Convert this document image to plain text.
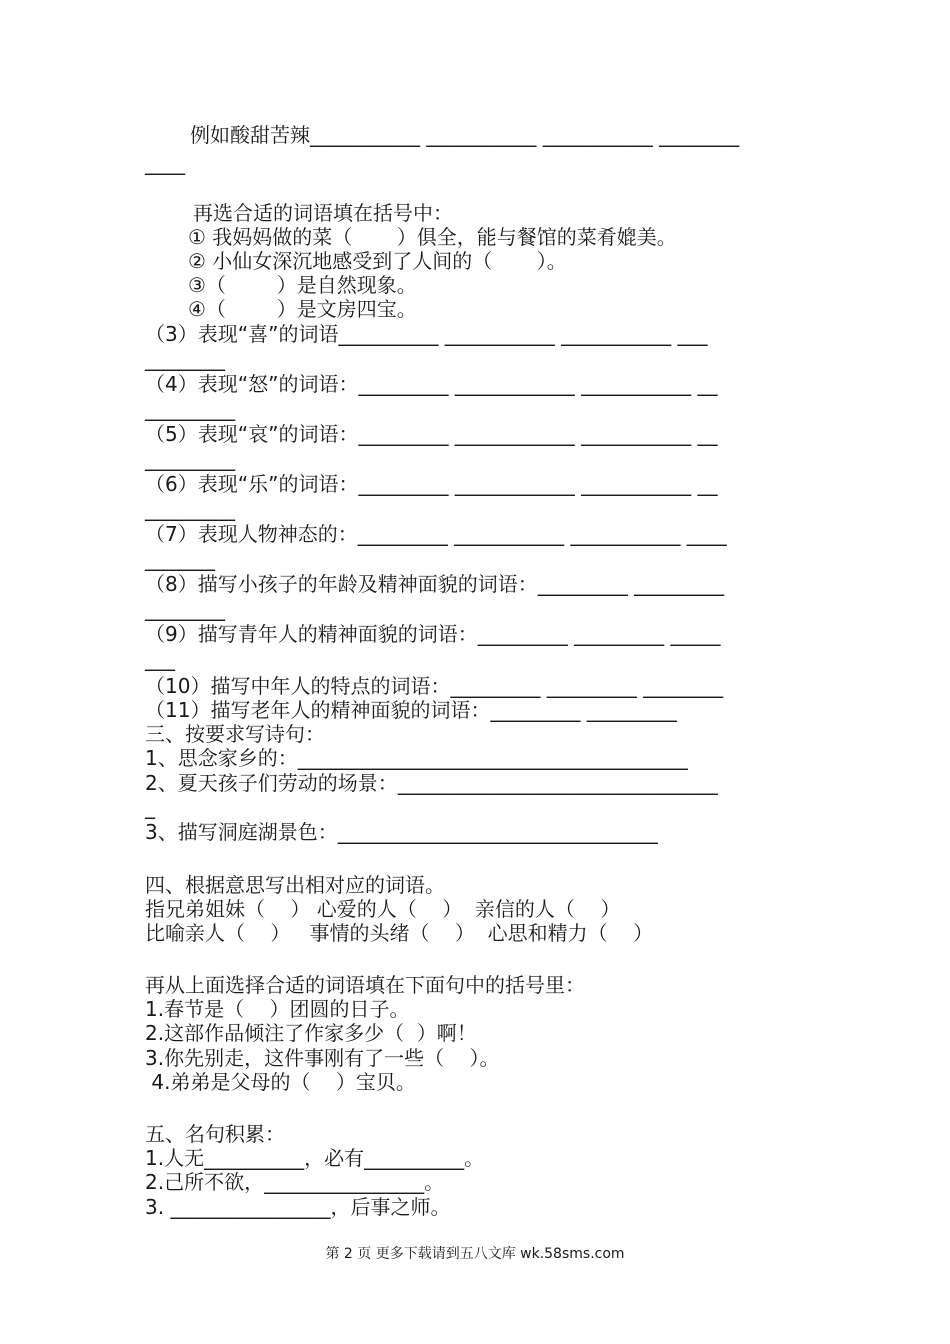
例如酸甜苦辣___________ ___________ ___________ ________
____
再选合适的词语填在括号中：
① 我妈妈做的菜（       ）俱全，能与餐馆的菜肴媲美。
② 小仙女深沉地感受到了人间的（       ）。
③（        ）是自然现象。
④（        ）是文房四宝。
（3）表现“喜”的词语__________ ___________ ___________ ___
________
（4）表现“怒”的词语：_________ ____________ ___________ __
_________
（5）表现“哀”的词语：_________ ____________ ___________ __
_________
（6）表现“乐”的词语：_________ ____________ ___________ __
_________
（7）表现人物神态的：_________ ___________ ___________ ____
_______
（8）描写小孩子的年龄及精神面貌的词语：_________ _________
________
（9）描写青年人的精神面貌的词语：_________ _________ _____
___
（10）描写中年人的特点的词语：_________ _________ ________
（11）描写老年人的精神面貌的词语：_________ _________
三、按要求写诗句：
1、思念家乡的：_______________________________________
2、夏天孩子们劳动的场景：________________________________
_
3、描写洞庭湖景色：________________________________
四、根据意思写出相对应的词语。
指兄弟姐妹（    ） 心爱的人（    ）  亲信的人（    ）
比喻亲人（    ）   事情的头绪（    ）  心思和精力（    ）
再从上面选择合适的词语填在下面句中的括号里：
1.春节是（    ）团圆的日子。
2.这部作品倾注了作家多少（  ）啊！
3.你先别走，这件事刚有了一些（    ）。
4.弟弟是父母的（    ）宝贝。
五、名句积累：
1.人无__________，必有__________。
2.己所不欲，________________。
3. ________________，后事之师。
第 2 页 更多下载请到五八文库 wk.58sms.com
